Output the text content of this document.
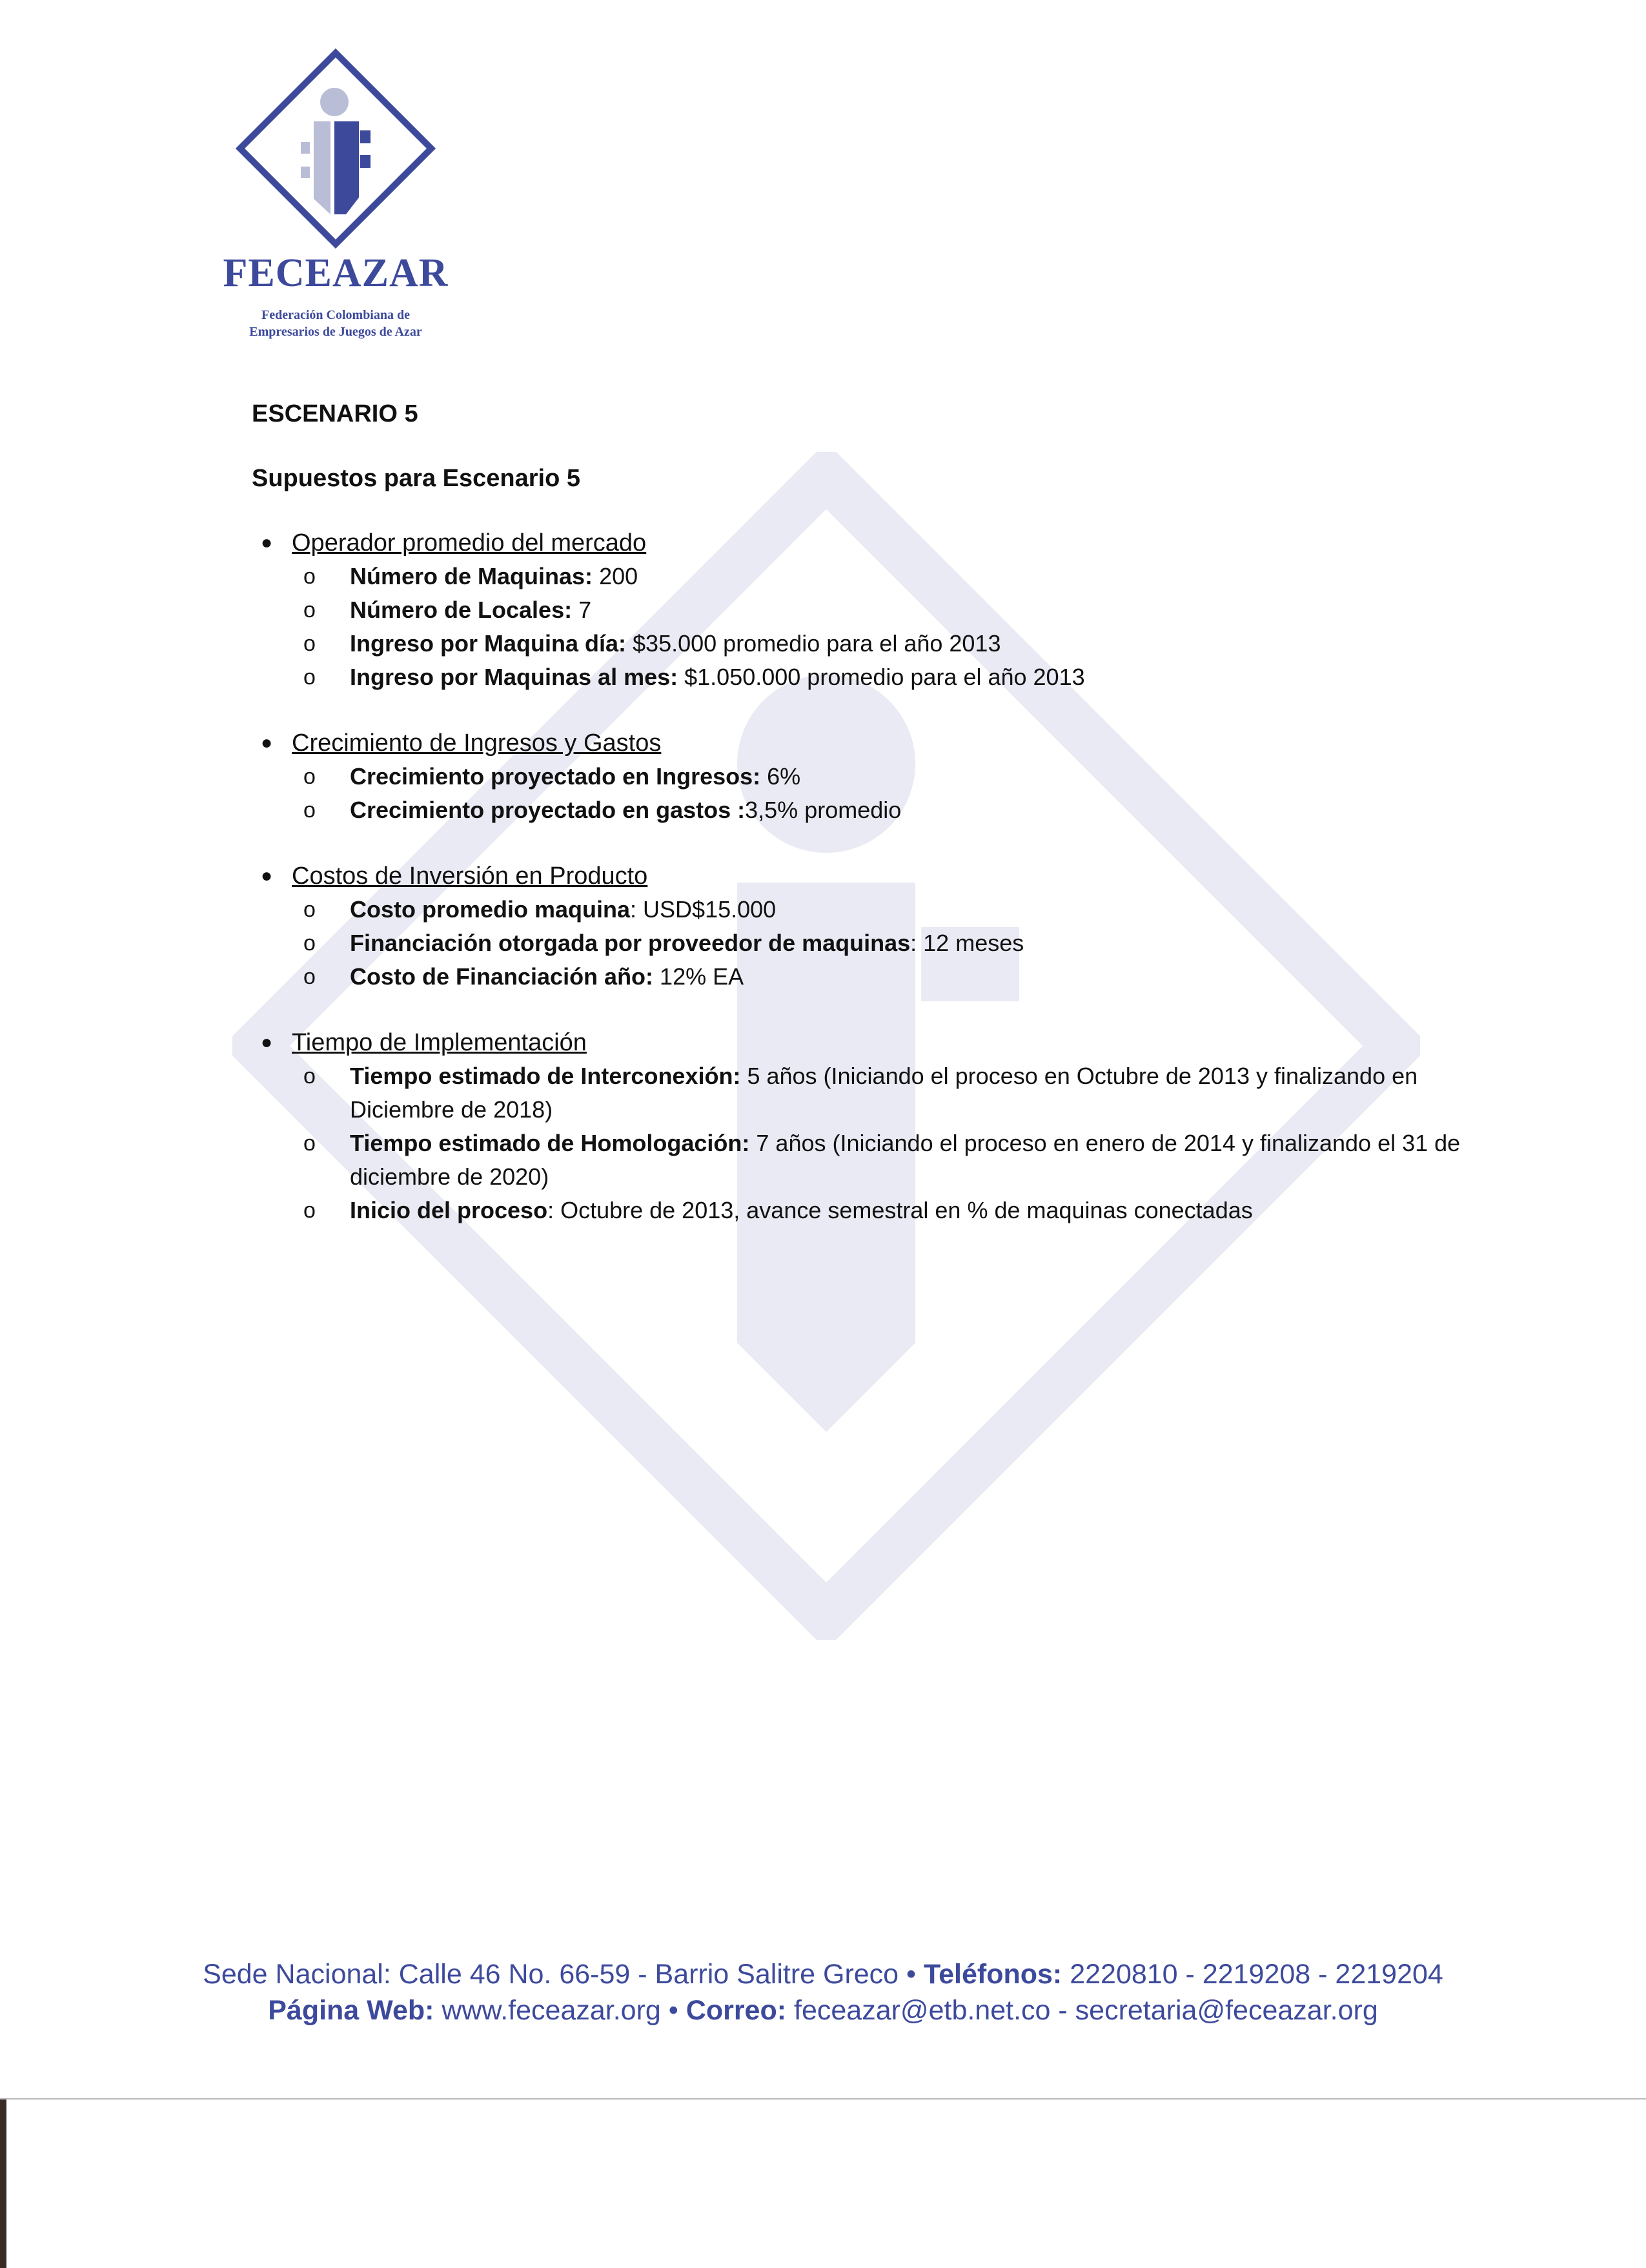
FECEAZAR
Federación Colombiana de
Empresarios de Juegos de Azar

ESCENARIO 5

Supuestos para Escenario 5

● Operador promedio del mercado
o Número de Maquinas: 200
o Número de Locales: 7
o Ingreso por Maquina día: $35.000 promedio para el año 2013
o Ingreso por Maquinas al mes: $1.050.000 promedio para el año 2013
● Crecimiento de Ingresos y Gastos
o Crecimiento proyectado en Ingresos: 6%
o Crecimiento proyectado en gastos :3,5% promedio
● Costos de Inversión en Producto
o Costo promedio maquina: USD$15.000
o Financiación otorgada por proveedor de maquinas: 12 meses
o Costo de Financiación año: 12% EA
● Tiempo de Implementación
o Tiempo estimado de Interconexión: 5 años (Iniciando el proceso en Octubre de 2013 y finalizando en Diciembre de 2018)
o Tiempo estimado de Homologación: 7 años (Iniciando el proceso en enero de 2014 y finalizando el 31 de diciembre de 2020)
o Inicio del proceso: Octubre de 2013, avance semestral en % de maquinas conectadas
Sede Nacional: Calle 46 No. 66-59 - Barrio Salitre Greco • Teléfonos: 2220810 - 2219208 - 2219204
Página Web: www.feceazar.org • Correo: feceazar@etb.net.co - secretaria@feceazar.org
